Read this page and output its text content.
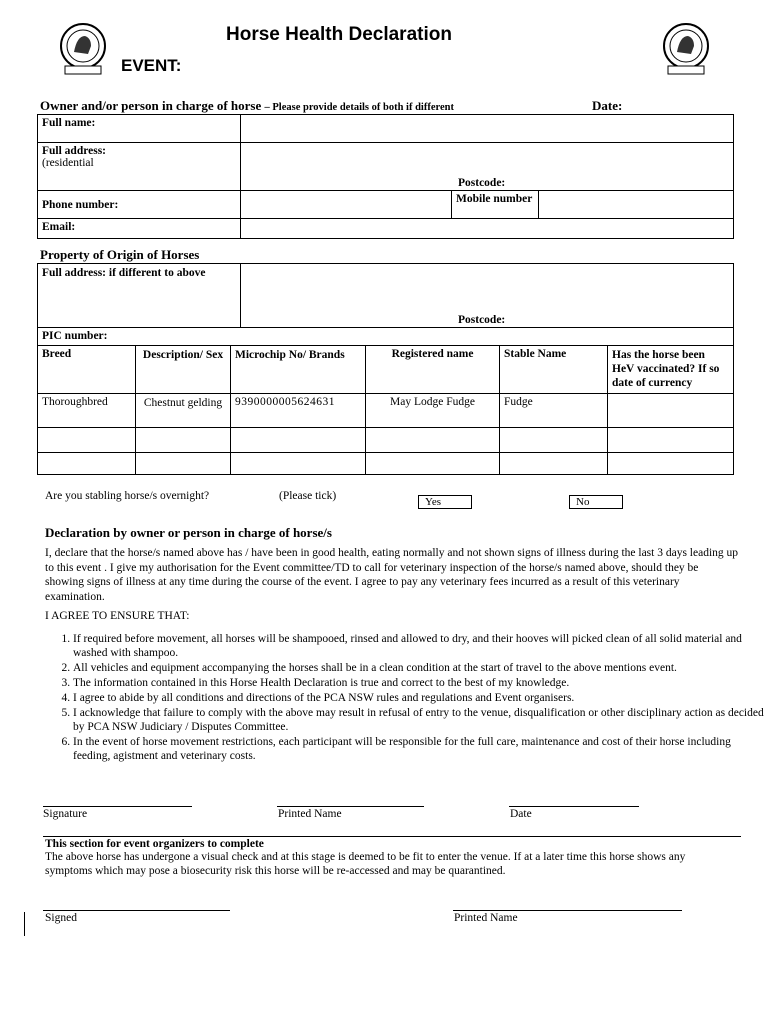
Horse Health Declaration
EVENT:
Owner and/or person in charge of horse – Please provide details of both if different	Date:
Full name:			

Full address:
(residential	Postcode:		

Phone number:		Mobile number	
Email:			
Property of Origin of Horses
Full address: if different to above	
Postcode:

PIC number:
Breed	Description/ Sex	Microchip No/ Brands	Registered name	Stable Name	Has the horse been HeV vaccinated? If so date of currency
Thoroughbred	Chestnut gelding	9390000005624631	May Lodge Fudge	Fudge	

Are you stabling horse/s overnight?	(Please tick)	Yes	No
Declaration by owner or person in charge of horse/s

I, declare that the horse/s named above has / have been in good health, eating normally and not shown signs of illness during the last 3 days leading up to this event . I give my authorisation for the Event committee/TD to call for veterinary inspection of the horse/s named above, should they be showing signs of illness at any time during the course of the event. I agree to pay any veterinary fees incurred as a result of this veterinary examination.

I AGREE TO ENSURE THAT:
1. If required before movement, all horses will be shampooed, rinsed and allowed to dry, and their hooves will picked clean of all solid material and washed with shampoo.
2. All vehicles and equipment accompanying the horses shall be in a clean condition at the start of travel to the above mentions event.
3. The information contained in this Horse Health Declaration is true and correct to the best of my knowledge.
4. I agree to abide by all conditions and directions of the PCA NSW rules and regulations and Event organisers.
5. I acknowledge that failure to comply with the above may result in refusal of entry to the venue, disqualification or other disciplinary action as decided by PCA NSW Judiciary / Disputes Committee.
6. In the event of horse movement restrictions, each participant will be responsible for the full care, maintenance and cost of their horse including feeding, agistment and veterinary costs.
Signature	Printed Name	Date
This section for event organizers to complete

The above horse has undergone a visual check and at this stage is deemed to be fit to enter the venue. If at a later time this horse shows any symptoms which may pose a biosecurity risk this horse will be re-accessed and may be quarantined.

Signed	Printed Name
